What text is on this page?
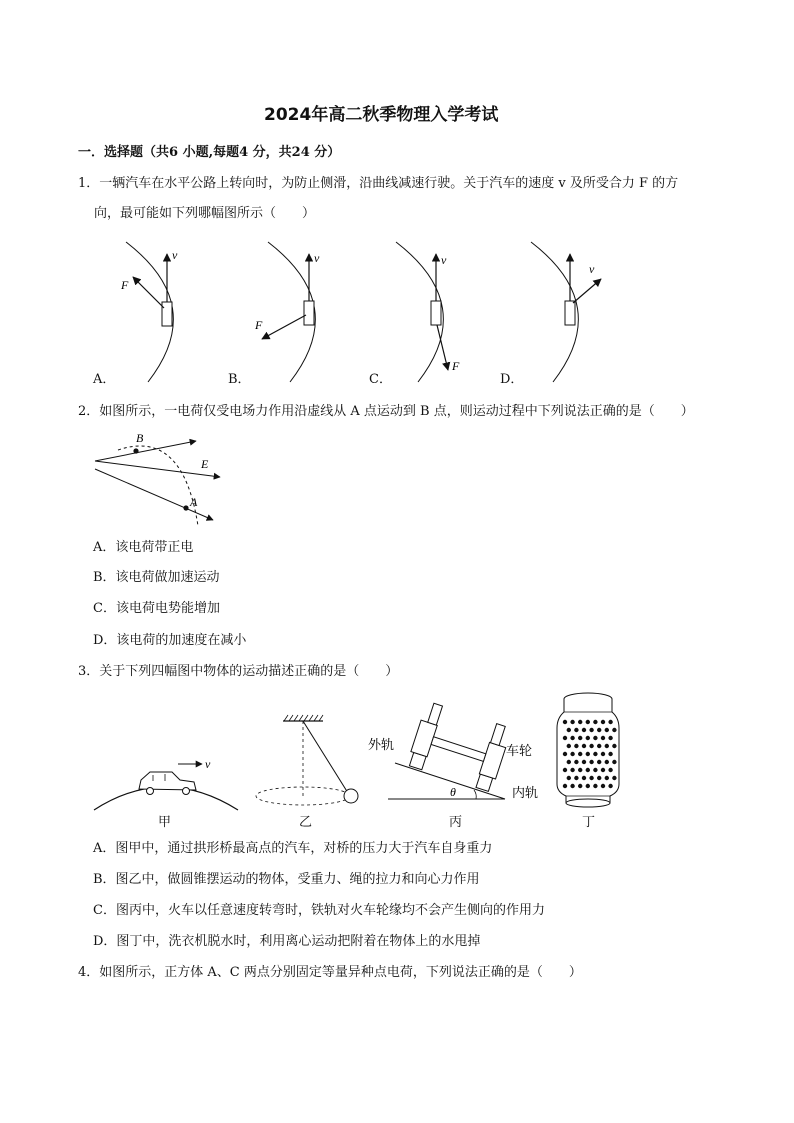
2024年高二秋季物理入学考试
一．选择题（共6 小题,每题4 分，共24 分）
1．一辆汽车在水平公路上转向时，为防止侧滑，沿曲线减速行驶。关于汽车的速度 v 及所受合力 F 的方
向，最可能如下列哪幅图所示（　　）
v
F
v
F
v
F
v
A．	B．	C．	D．
2．如图所示，一电荷仅受电场力作用沿虚线从 A 点运动到 B 点，则运动过程中下列说法正确的是（　　）
B
E
A
A．该电荷带正电
B．该电荷做加速运动
C．该电荷电势能增加
D．该电荷的加速度在减小
3．关于下列四幅图中物体的运动描述正确的是（　　）
v
外轨	车轮
内轨
θ
甲	乙	丙	丁
A．图甲中，通过拱形桥最高点的汽车，对桥的压力大于汽车自身重力
B．图乙中，做圆锥摆运动的物体，受重力、绳的拉力和向心力作用
C．图丙中，火车以任意速度转弯时，铁轨对火车轮缘均不会产生侧向的作用力
D．图丁中，洗衣机脱水时，利用离心运动把附着在物体上的水甩掉
4．如图所示，正方体 A、C 两点分别固定等量异种点电荷，下列说法正确的是（　　）
